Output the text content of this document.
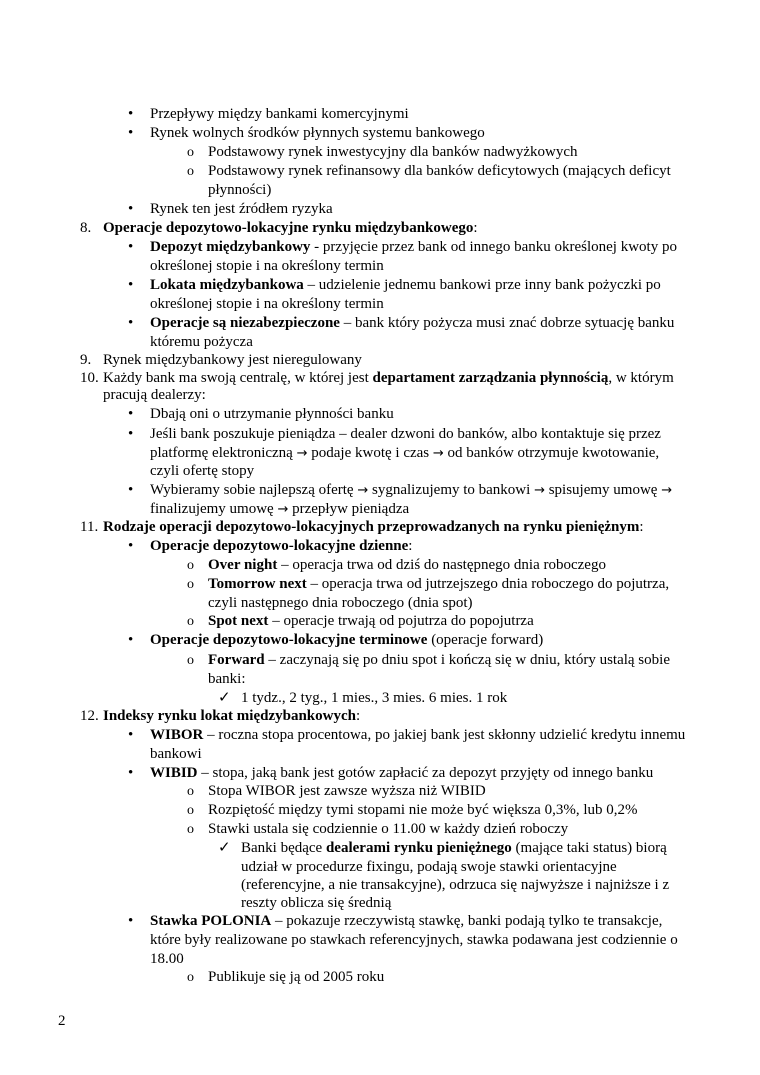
• Przepływy między bankami komercyjnymi
• Rynek wolnych środków płynnych systemu bankowego
o Podstawowy rynek inwestycyjny dla banków nadwyżkowych
o Podstawowy rynek refinansowy dla banków deficytowych (mających deficyt
płynności)
• Rynek ten jest źródłem ryzyka
8. Operacje depozytowo-lokacyjne rynku międzybankowego:
• Depozyt międzybankowy - przyjęcie przez bank od innego banku określonej kwoty po
określonej stopie i na określony termin
• Lokata międzybankowa – udzielenie jednemu bankowi prze inny bank pożyczki po
określonej stopie i na określony termin
• Operacje są niezabezpieczone – bank który pożycza musi znać dobrze sytuację banku
któremu pożycza
9. Rynek międzybankowy jest nieregulowany
10. Każdy bank ma swoją centralę, w której jest departament zarządzania płynnością, w którym
pracują dealerzy:
• Dbają oni o utrzymanie płynności banku
• Jeśli bank poszukuje pieniądza – dealer dzwoni do banków, albo kontaktuje się przez
platformę elektroniczną → podaje kwotę i czas → od banków otrzymuje kwotowanie,
czyli ofertę stopy
• Wybieramy sobie najlepszą ofertę → sygnalizujemy to bankowi → spisujemy umowę →
finalizujemy umowę → przepływ pieniądza
11. Rodzaje operacji depozytowo-lokacyjnych przeprowadzanych na rynku pieniężnym:
• Operacje depozytowo-lokacyjne dzienne:
o Over night – operacja trwa od dziś do następnego dnia roboczego
o Tomorrow next – operacja trwa od jutrzejszego dnia roboczego do pojutrza,
czyli następnego dnia roboczego (dnia spot)
o Spot next – operacje trwają od pojutrza do popojutrza
• Operacje depozytowo-lokacyjne terminowe (operacje forward)
o Forward – zaczynają się po dniu spot i kończą się w dniu, który ustalą sobie
banki:
✓ 1 tydz., 2 tyg., 1 mies., 3 mies. 6 mies. 1 rok
12. Indeksy rynku lokat międzybankowych:
• WIBOR – roczna stopa procentowa, po jakiej bank jest skłonny udzielić kredytu innemu
bankowi
• WIBID – stopa, jaką bank jest gotów zapłacić za depozyt przyjęty od innego banku
o Stopa WIBOR jest zawsze wyższa niż WIBID
o Rozpiętość między tymi stopami nie może być większa 0,3%, lub 0,2%
o Stawki ustala się codziennie o 11.00 w każdy dzień roboczy
✓ Banki będące dealerami rynku pieniężnego (mające taki status) biorą
udział w procedurze fixingu, podają swoje stawki orientacyjne
(referencyjne, a nie transakcyjne), odrzuca się najwyższe i najniższe i z
reszty oblicza się średnią
• Stawka POLONIA – pokazuje rzeczywistą stawkę, banki podają tylko te transakcje,
które były realizowane po stawkach referencyjnych, stawka podawana jest codziennie o
18.00
o Publikuje się ją od 2005 roku
2
